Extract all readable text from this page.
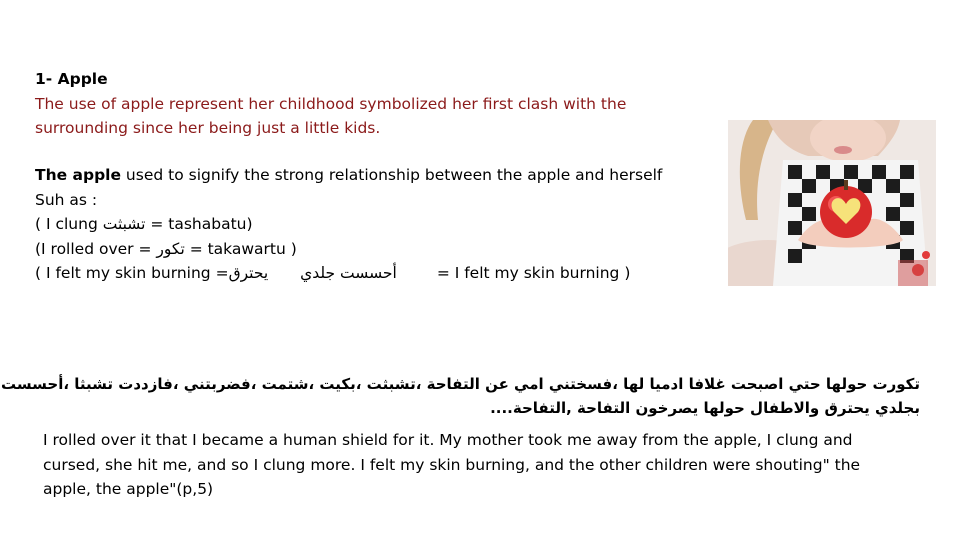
1- Apple
The use of apple represent her childhood symbolized her first clash with the
surrounding since her being just a little kids.
The apple used to signify the strong relationship between the apple and herself
Suh as :
( I clung تشبثت = tashabatu)
(I rolled over = تكور = takawartu )
( I felt my skin burning =يحترق أحسست جلدي	= I felt my skin burning )
تكورت حولها حتي اصبحت غلافا ادميا لها ،فسختني امي عن التفاحة ،تشبثت ،بكيت ،شتمت ،فضربتني ،فازددت تشبثا ،أحسست
بجلدي يحترق والاطفال حولها يصرخون التفاحة ,التفاحة....
I rolled over it that I became a human shield for it. My mother took me away from the apple, I clung and
cursed, she hit me, and so I clung more. I felt my skin burning, and the other children were shouting" the
apple, the apple"(p,5)
